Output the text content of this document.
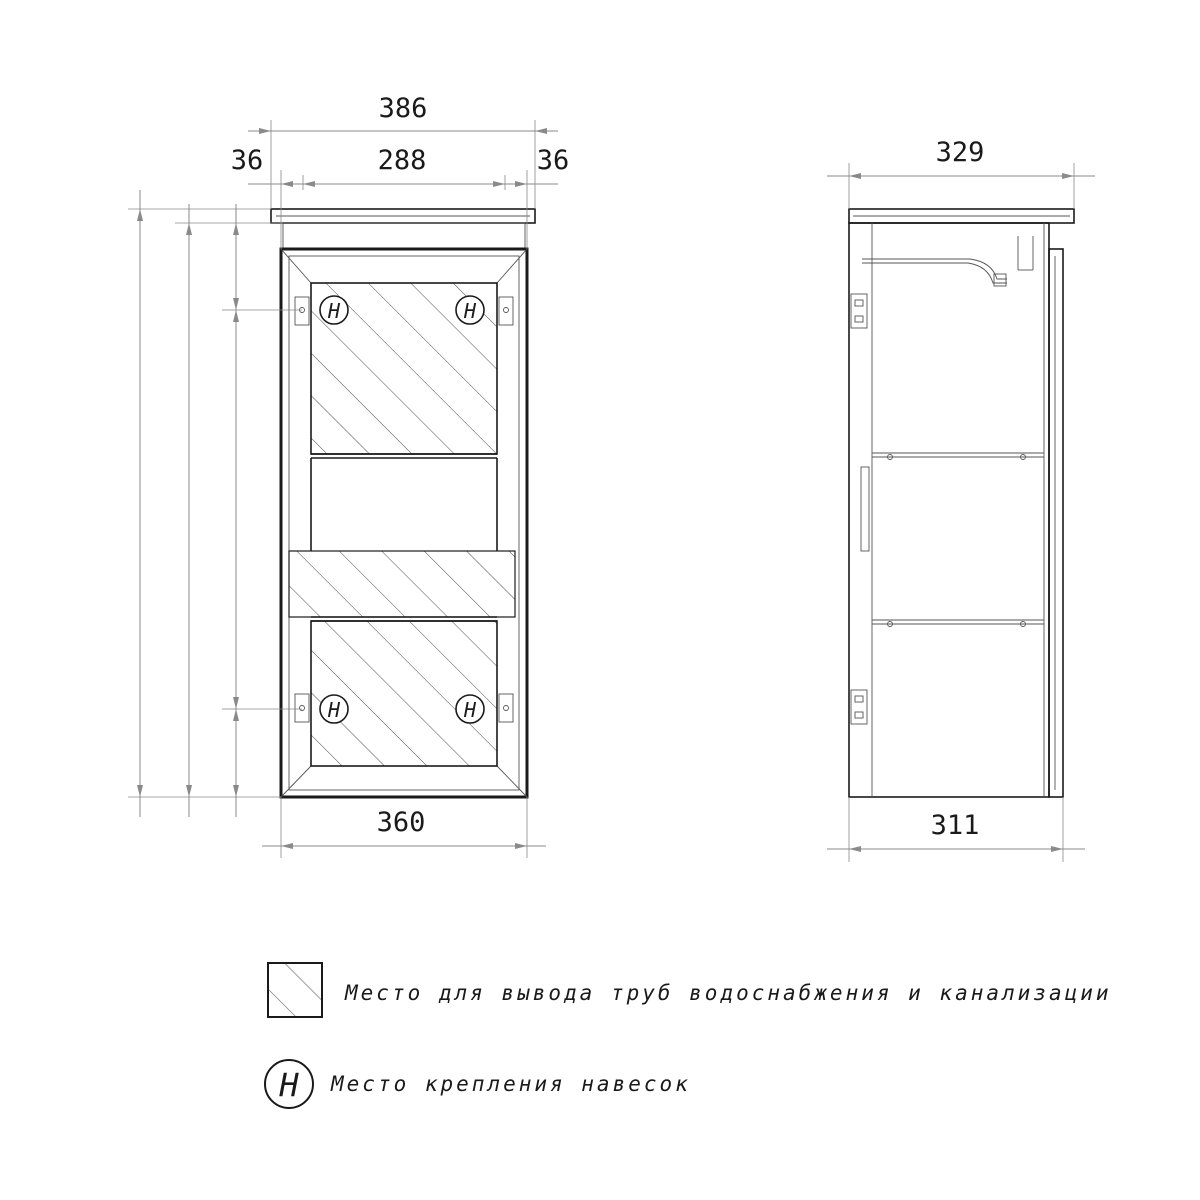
H	H
H	H
386
36	288	36
360
329
311
Место для вывода труб водоснабжения и канализации
H Место крепления навесок
